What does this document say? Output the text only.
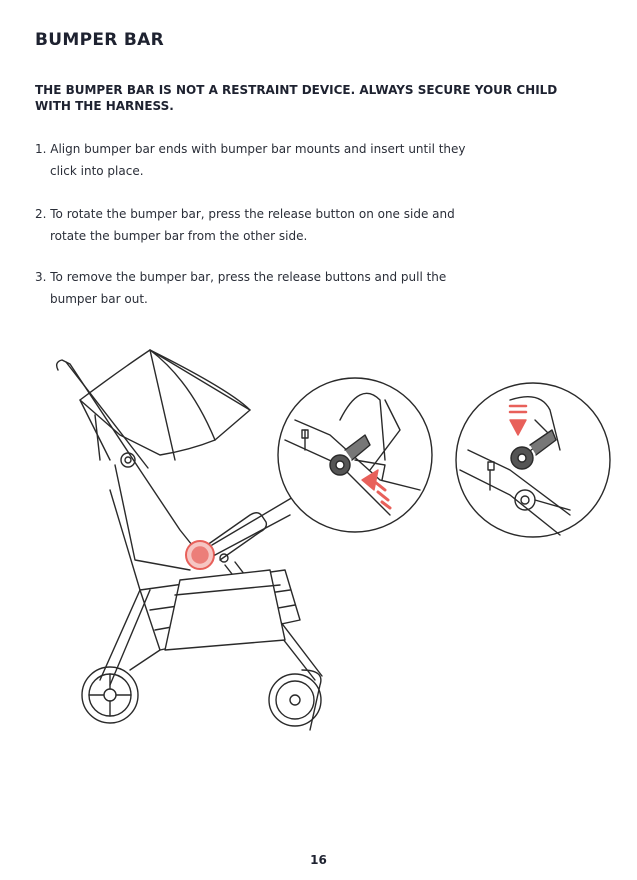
BUMPER BAR
THE BUMPER BAR IS NOT A RESTRAINT DEVICE. ALWAYS SECURE YOUR CHILD WITH THE HARNESS.
1. Align bumper bar ends with bumper bar mounts and insert until they
click into place.
2. To rotate the bumper bar, press the release button on one side and
rotate the bumper bar from the other side.
3. To remove the bumper bar, press the release buttons and pull the
bumper bar out.
16
